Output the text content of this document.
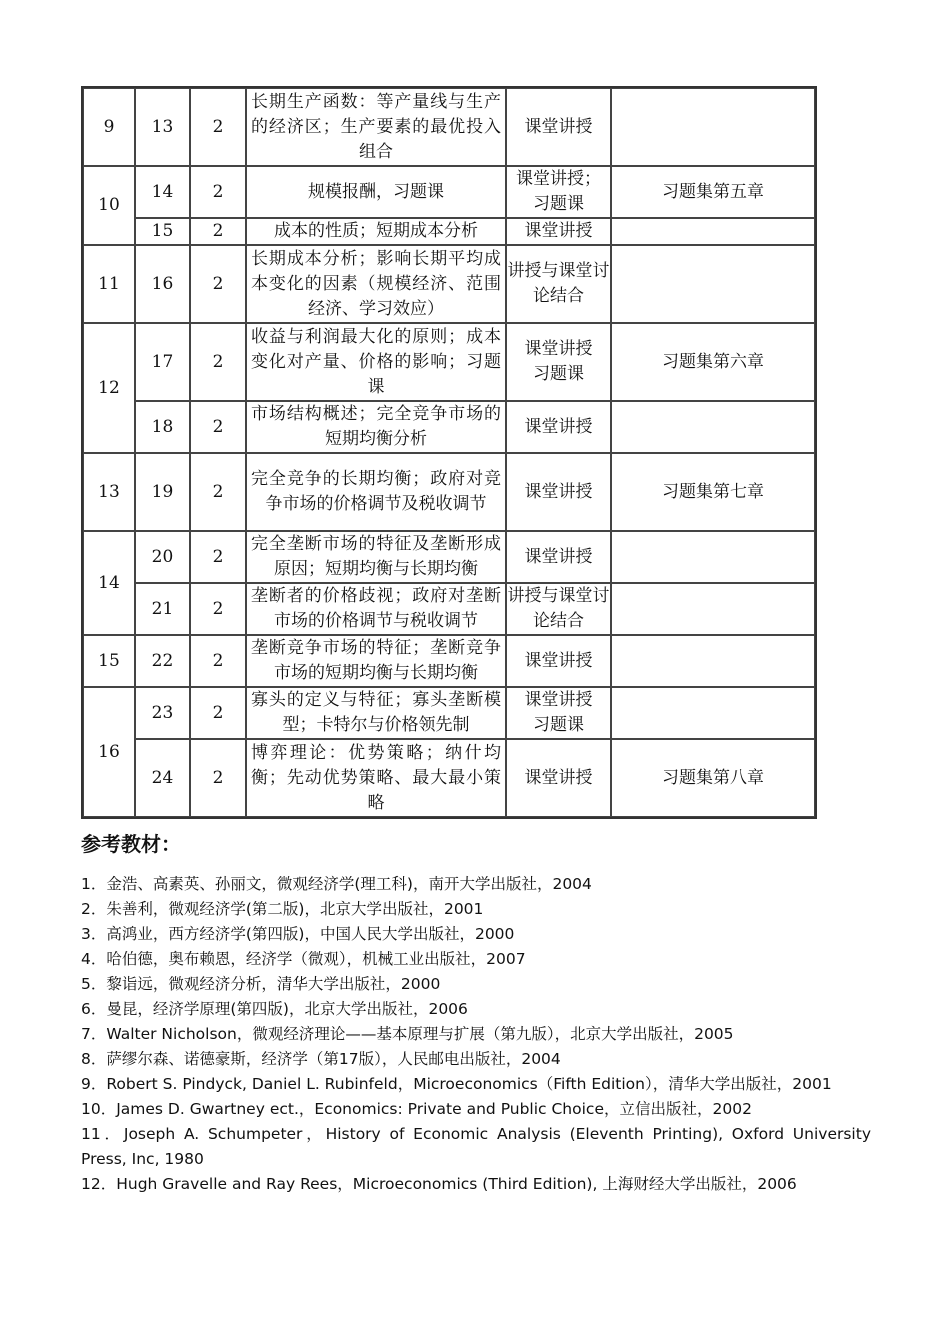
9	13	2	长期生产函数：等产量线与生产的经济区；生产要素的最优投入组合	课堂讲授	
10	14	2	规模报酬，习题课	课堂讲授；习题课	习题集第五章
	15	2	成本的性质；短期成本分析	课堂讲授	
11	16	2	长期成本分析；影响长期平均成本变化的因素（规模经济、范围经济、学习效应）	讲授与课堂讨论结合	
12	17	2	收益与利润最大化的原则；成本变化对产量、价格的影响；习题课	课堂讲授习题课	习题集第六章
	18	2	市场结构概述；完全竞争市场的短期均衡分析	课堂讲授	
13	19	2	完全竞争的长期均衡；政府对竞争市场的价格调节及税收调节	课堂讲授	习题集第七章
14	20	2	完全垄断市场的特征及垄断形成原因；短期均衡与长期均衡	课堂讲授	
	21	2	垄断者的价格歧视；政府对垄断市场的价格调节与税收调节	讲授与课堂讨论结合	
15	22	2	垄断竞争市场的特征；垄断竞争市场的短期均衡与长期均衡	课堂讲授	
16	23	2	寡头的定义与特征；寡头垄断模型；卡特尔与价格领先制	课堂讲授习题课	

	24	2	博弈理论：优势策略；纳什均衡；先动优势策略、最大最小策略	课堂讲授	习题集第八章
参考教材：
1．金浩、高素英、孙丽文，微观经济学(理工科)，南开大学出版社，2004
2．朱善利，微观经济学(第二版)，北京大学出版社，2001
3．高鸿业，西方经济学(第四版)，中国人民大学出版社，2000
4．哈伯德，奥布赖恩，经济学（微观），机械工业出版社，2007
5．黎诣远，微观经济分析，清华大学出版社，2000
6．曼昆，经济学原理(第四版)，北京大学出版社，2006
7．Walter Nicholson，微观经济理论——基本原理与扩展（第九版），北京大学出版社，2005
8．萨缪尔森、诺德豪斯，经济学（第17版），人民邮电出版社，2004
9．Robert S. Pindyck, Daniel L. Rubinfeld，Microeconomics（Fifth Edition），清华大学出版社，2001
10．James D. Gwartney ect.，Economics: Private and Public Choice，立信出版社，2002
11．Joseph A. Schumpeter，History of Economic Analysis (Eleventh Printing), Oxford University Press, Inc, 1980
12．Hugh Gravelle and Ray Rees，Microeconomics (Third Edition), 上海财经大学出版社，2006
